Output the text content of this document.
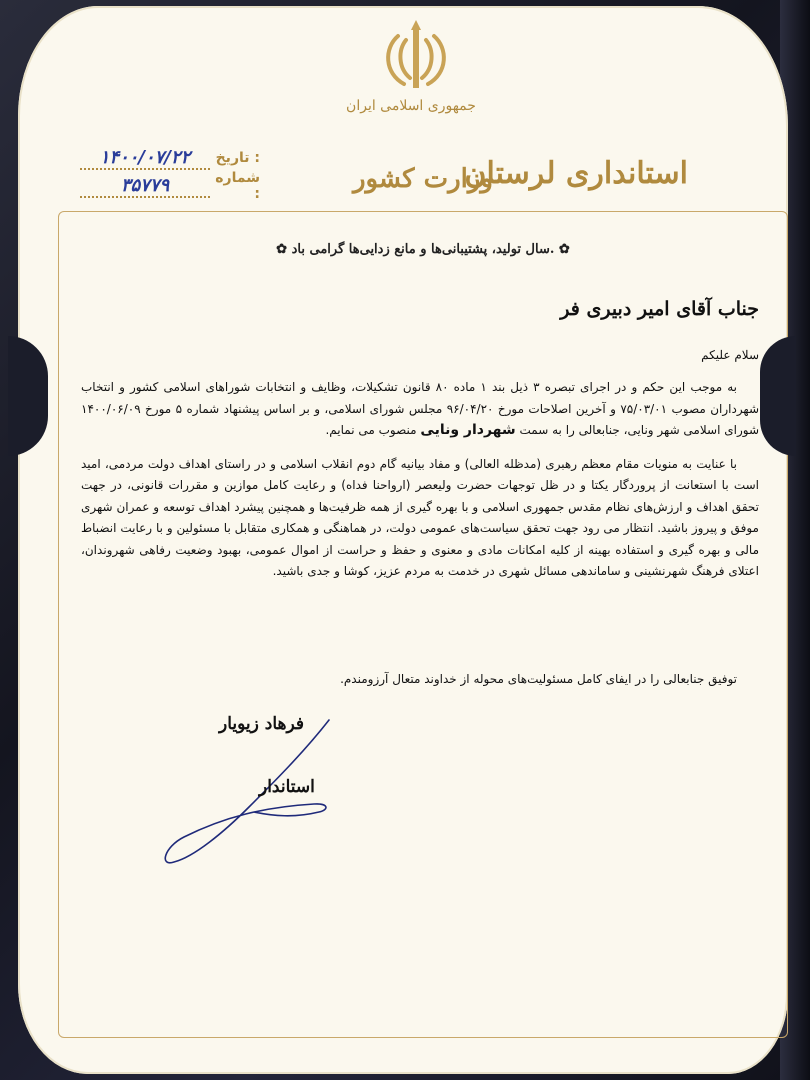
جمهوری اسلامی ایران
استانداری لرستان
وزارت کشور
تاریخ :
۱۴۰۰/۰۷/۲۲
شماره :
۳۵۷۷۹
✿ سال تولید، پشتیبانی‌ها و مانع زدایی‌ها گرامی باد. ✿
جناب آقای امیر دبیری فر
سلام علیکم

به موجب این حکم و در اجرای تبصره ۳ ذیل بند ۱ ماده ۸۰ قانون تشکیلات، وظایف و انتخابات شوراهای اسلامی کشور و انتخاب شهرداران مصوب ۷۵/۰۳/۰۱ و آخرین اصلاحات مورخ ۹۶/۰۴/۲۰ مجلس شورای اسلامی، و بر اساس پیشنهاد شماره ۵ مورخ ۱۴۰۰/۰۶/۰۹ شورای اسلامی شهر ونایی، جنابعالی را به سمت شهردار ونایی منصوب می نمایم.

با عنایت به منویات مقام معظم رهبری (مدظله العالی) و مفاد بیانیه گام دوم انقلاب اسلامی و در راستای اهداف دولت مردمی، امید است با استعانت از پروردگار یکتا و در ظل توجهات حضرت ولیعصر (ارواحنا فداه) و رعایت کامل موازین و مقررات قانونی، در جهت تحقق اهداف و ارزش‌های نظام مقدس جمهوری اسلامی و با بهره گیری از همه ظرفیت‌ها و همچنین پیشرد اهداف توسعه و عمران شهری موفق و پیروز باشید. انتظار می رود جهت تحقق سیاست‌های عمومی دولت، در هماهنگی و همکاری متقابل با مسئولین و با رعایت انضباط مالی و بهره گیری و استفاده بهینه از کلیه امکانات مادی و معنوی و حفظ و حراست از اموال عمومی، بهبود وضعیت رفاهی شهروندان، اعتلای فرهنگ شهرنشینی و ساماندهی مسائل شهری در خدمت به مردم عزیز، کوشا و جدی باشید.

توفیق جنابعالی را در ایفای کامل مسئولیت‌های محوله از خداوند متعال آرزومندم.
فرهاد زیویار
استاندار
